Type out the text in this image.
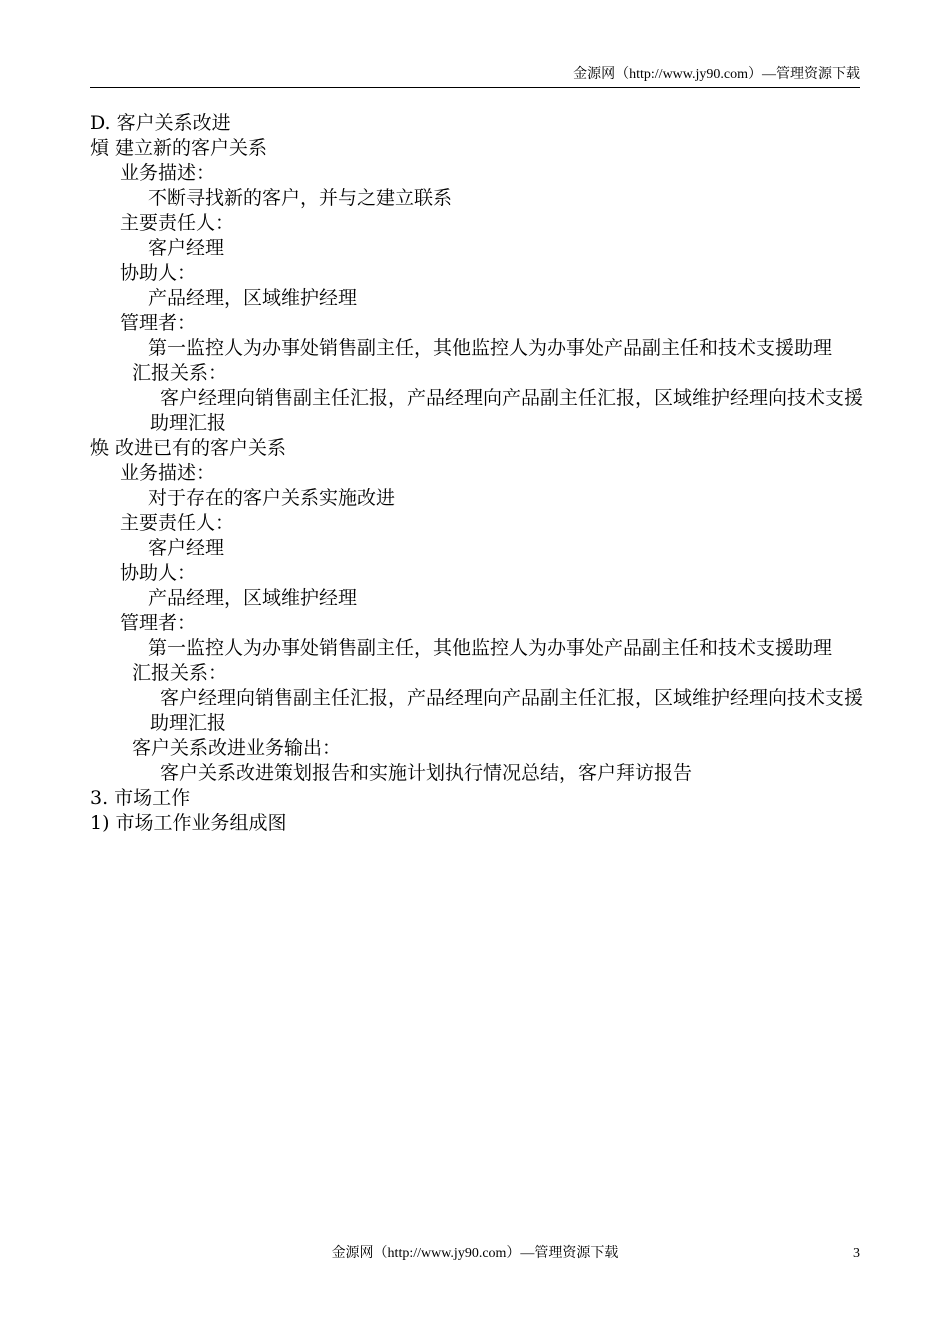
金源网（http://www.jy90.com）—管理资源下载
D. 客户关系改进
熕 建立新的客户关系
业务描述：
不断寻找新的客户，并与之建立联系
主要责任人：
客户经理
协助人：
产品经理，区域维护经理
管理者：
第一监控人为办事处销售副主任，其他监控人为办事处产品副主任和技术支援助理
汇报关系：
客户经理向销售副主任汇报，产品经理向产品副主任汇报，区域维护经理向技术支援助理汇报
焕 改进已有的客户关系
业务描述：
对于存在的客户关系实施改进
主要责任人：
客户经理
协助人：
产品经理，区域维护经理
管理者：
第一监控人为办事处销售副主任，其他监控人为办事处产品副主任和技术支援助理
汇报关系：
客户经理向销售副主任汇报，产品经理向产品副主任汇报，区域维护经理向技术支援助理汇报
客户关系改进业务输出：
客户关系改进策划报告和实施计划执行情况总结，客户拜访报告
3. 市场工作
1) 市场工作业务组成图
金源网（http://www.jy90.com）—管理资源下载	3
